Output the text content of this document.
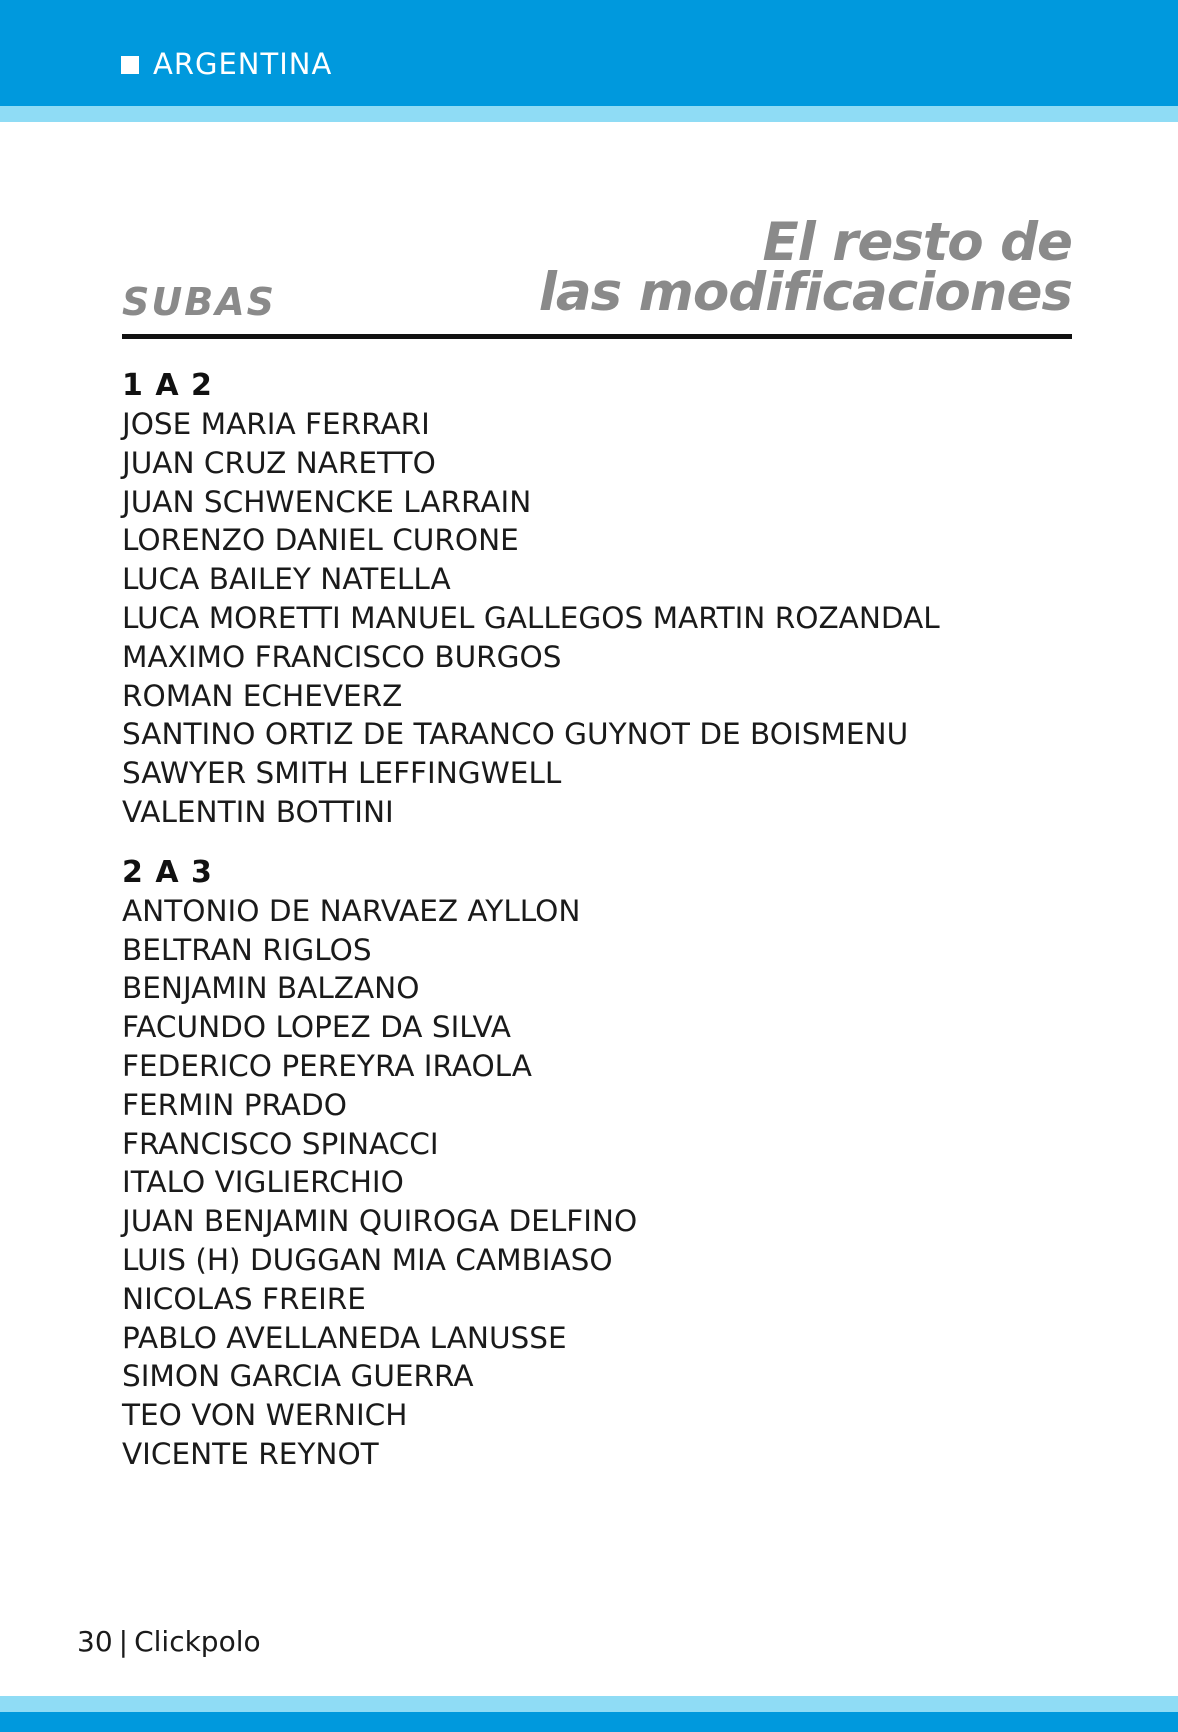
ARGENTINA
El resto de
las modificaciones
SUBAS
1 A 2
JOSE MARIA FERRARI
JUAN CRUZ NARETTO
JUAN SCHWENCKE LARRAIN
LORENZO DANIEL CURONE
LUCA BAILEY NATELLA
LUCA MORETTI MANUEL GALLEGOS MARTIN ROZANDAL
MAXIMO FRANCISCO BURGOS
ROMAN ECHEVERZ
SANTINO ORTIZ DE TARANCO GUYNOT DE BOISMENU
SAWYER SMITH LEFFINGWELL
VALENTIN BOTTINI
2 A 3
ANTONIO DE NARVAEZ AYLLON
BELTRAN RIGLOS
BENJAMIN BALZANO
FACUNDO LOPEZ DA SILVA
FEDERICO PEREYRA IRAOLA
FERMIN PRADO
FRANCISCO SPINACCI
ITALO VIGLIERCHIO
JUAN BENJAMIN QUIROGA DELFINO
LUIS (H) DUGGAN MIA CAMBIASO
NICOLAS FREIRE
PABLO AVELLANEDA LANUSSE
SIMON GARCIA GUERRA
TEO VON WERNICH
VICENTE REYNOT
30 | Clickpolo
